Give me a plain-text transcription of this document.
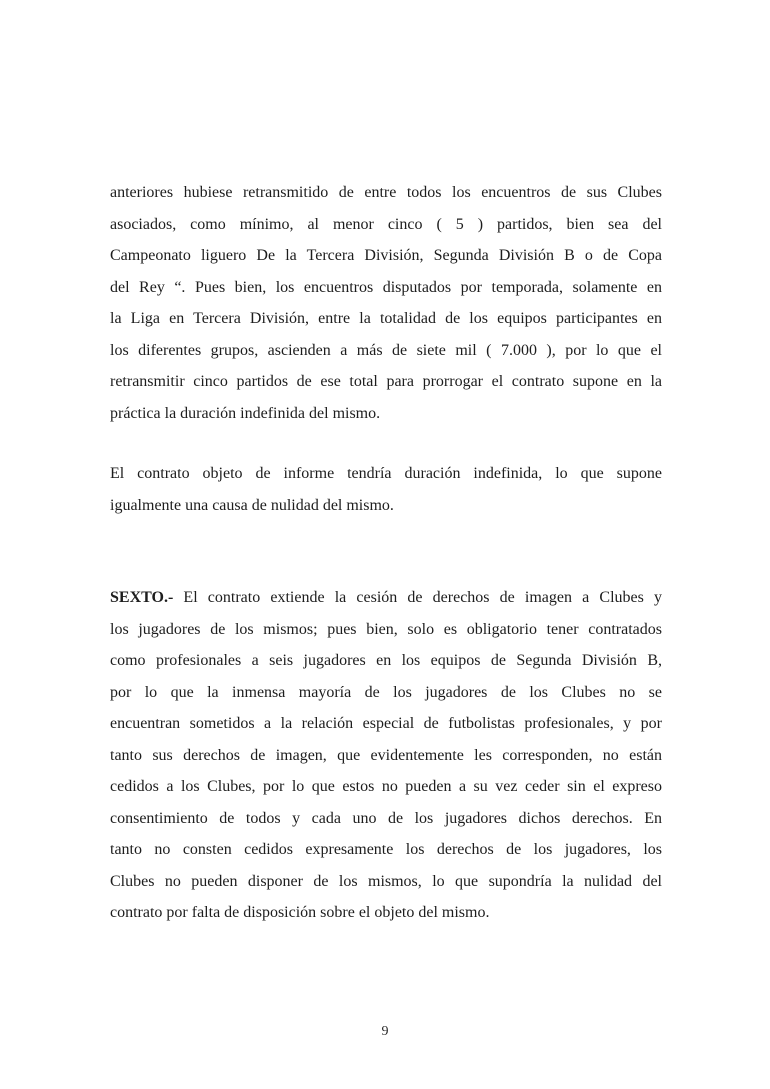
anteriores hubiese retransmitido de entre todos los encuentros de sus Clubes
asociados, como mínimo, al menor cinco ( 5 ) partidos, bien sea del
Campeonato liguero De la Tercera División, Segunda División B o de Copa
del Rey “. Pues bien, los encuentros disputados por temporada, solamente en
la Liga en Tercera División, entre la totalidad de los equipos participantes en
los diferentes grupos, ascienden a más de siete mil ( 7.000 ), por lo que el
retransmitir cinco partidos de ese total para prorrogar el contrato supone en la
práctica la duración indefinida del mismo.
El contrato objeto de informe tendría duración indefinida, lo que supone
igualmente una causa de nulidad del mismo.
SEXTO.- El contrato extiende la cesión de derechos de imagen a Clubes y
los jugadores de los mismos; pues bien, solo es obligatorio tener contratados
como profesionales a seis jugadores en los equipos de Segunda División B,
por lo que la inmensa mayoría de los jugadores de los Clubes no se
encuentran sometidos a la relación especial de futbolistas profesionales, y por
tanto sus derechos de imagen, que evidentemente les corresponden, no están
cedidos a los Clubes, por lo que estos no pueden a su vez ceder sin el expreso
consentimiento de todos y cada uno de los jugadores dichos derechos. En
tanto no consten cedidos expresamente los derechos de los jugadores, los
Clubes no pueden disponer de los mismos, lo que supondría la nulidad del
contrato por falta de disposición sobre el objeto del mismo.
9
